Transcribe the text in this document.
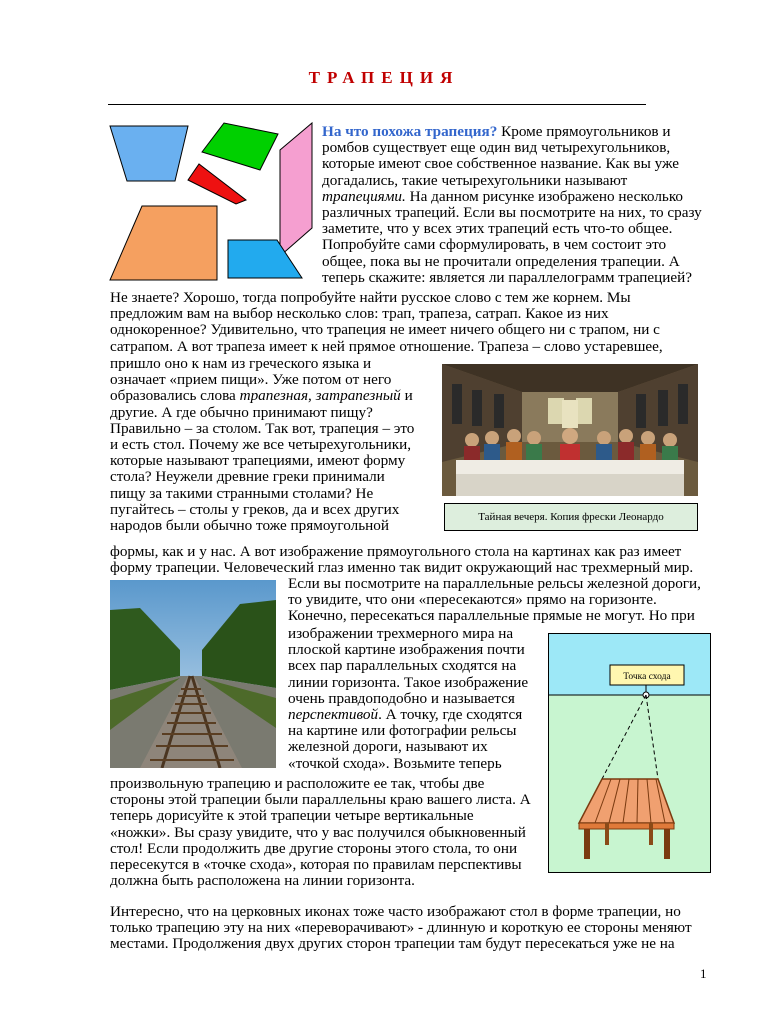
ТРАПЕЦИЯ
На что похожа трапеция? Кроме прямоугольников и
ромбов существует еще один вид четырехугольников,
которые имеют свое собственное название. Как вы уже
догадались, такие четырехугольники называют
трапециями. На данном рисунке изображено несколько
различных трапеций. Если вы посмотрите на них, то сразу
заметите, что у всех этих трапеций есть что-то общее.
Попробуйте сами сформулировать, в чем состоит это
общее, пока вы не прочитали определения трапеции. А
теперь скажите: является ли параллелограмм трапецией?
Не знаете? Хорошо, тогда попробуйте найти русское слово с тем же корнем. Мы
предложим вам на выбор несколько слов: трап, трапеза, сатрап. Какое из них
однокоренное? Удивительно, что трапеция не имеет ничего общего ни с трапом, ни с
сатрапом. А вот трапеза имеет к ней прямое отношение. Трапеза – слово устаревшее,
пришло оно к нам из греческого языка и
означает «прием пищи». Уже потом от него
образовались слова трапезная, затрапезный и
другие. А где обычно принимают пищу?
Правильно – за столом. Так вот, трапеция – это
и есть стол. Почему же все четырехугольники,
которые называют трапециями, имеют форму
стола? Неужели древние греки принимали
пищу за такими странными столами? Не
пугайтесь – столы у греков, да и всех других
народов были обычно тоже прямоугольной
Тайная вечеря. Копия фрески Леонардо
формы, как и у нас. А вот изображение прямоугольного стола на картинах как раз имеет
форму трапеции. Человеческий глаз именно так видит окружающий нас трехмерный мир.
Если вы посмотрите на параллельные рельсы железной дороги,
то увидите, что они «пересекаются» прямо на горизонте.
Конечно, пересекаться параллельные прямые не могут. Но при
изображении трехмерного мира на
плоской картине изображения почти
всех пар параллельных сходятся на
линии горизонта. Такое изображение
очень правдоподобно и называется
перспективой. А точку, где сходятся
на картине или фотографии рельсы
железной дороги, называют их
«точкой схода». Возьмите теперь
Точка схода
произвольную трапецию и расположите ее так, чтобы две
стороны этой трапеции были параллельны краю вашего листа. А
теперь дорисуйте к этой трапеции четыре вертикальные
«ножки». Вы сразу увидите, что у вас получился обыкновенный
стол! Если продолжить две другие стороны этого стола, то они
пересекутся в «точке схода», которая по правилам перспективы
должна быть расположена на линии горизонта.
Интересно, что на церковных иконах тоже часто изображают стол в форме трапеции, но
только трапецию эту на них «переворачивают» - длинную и короткую ее стороны меняют
местами. Продолжения двух других сторон трапеции там будут пересекаться уже не на
1
